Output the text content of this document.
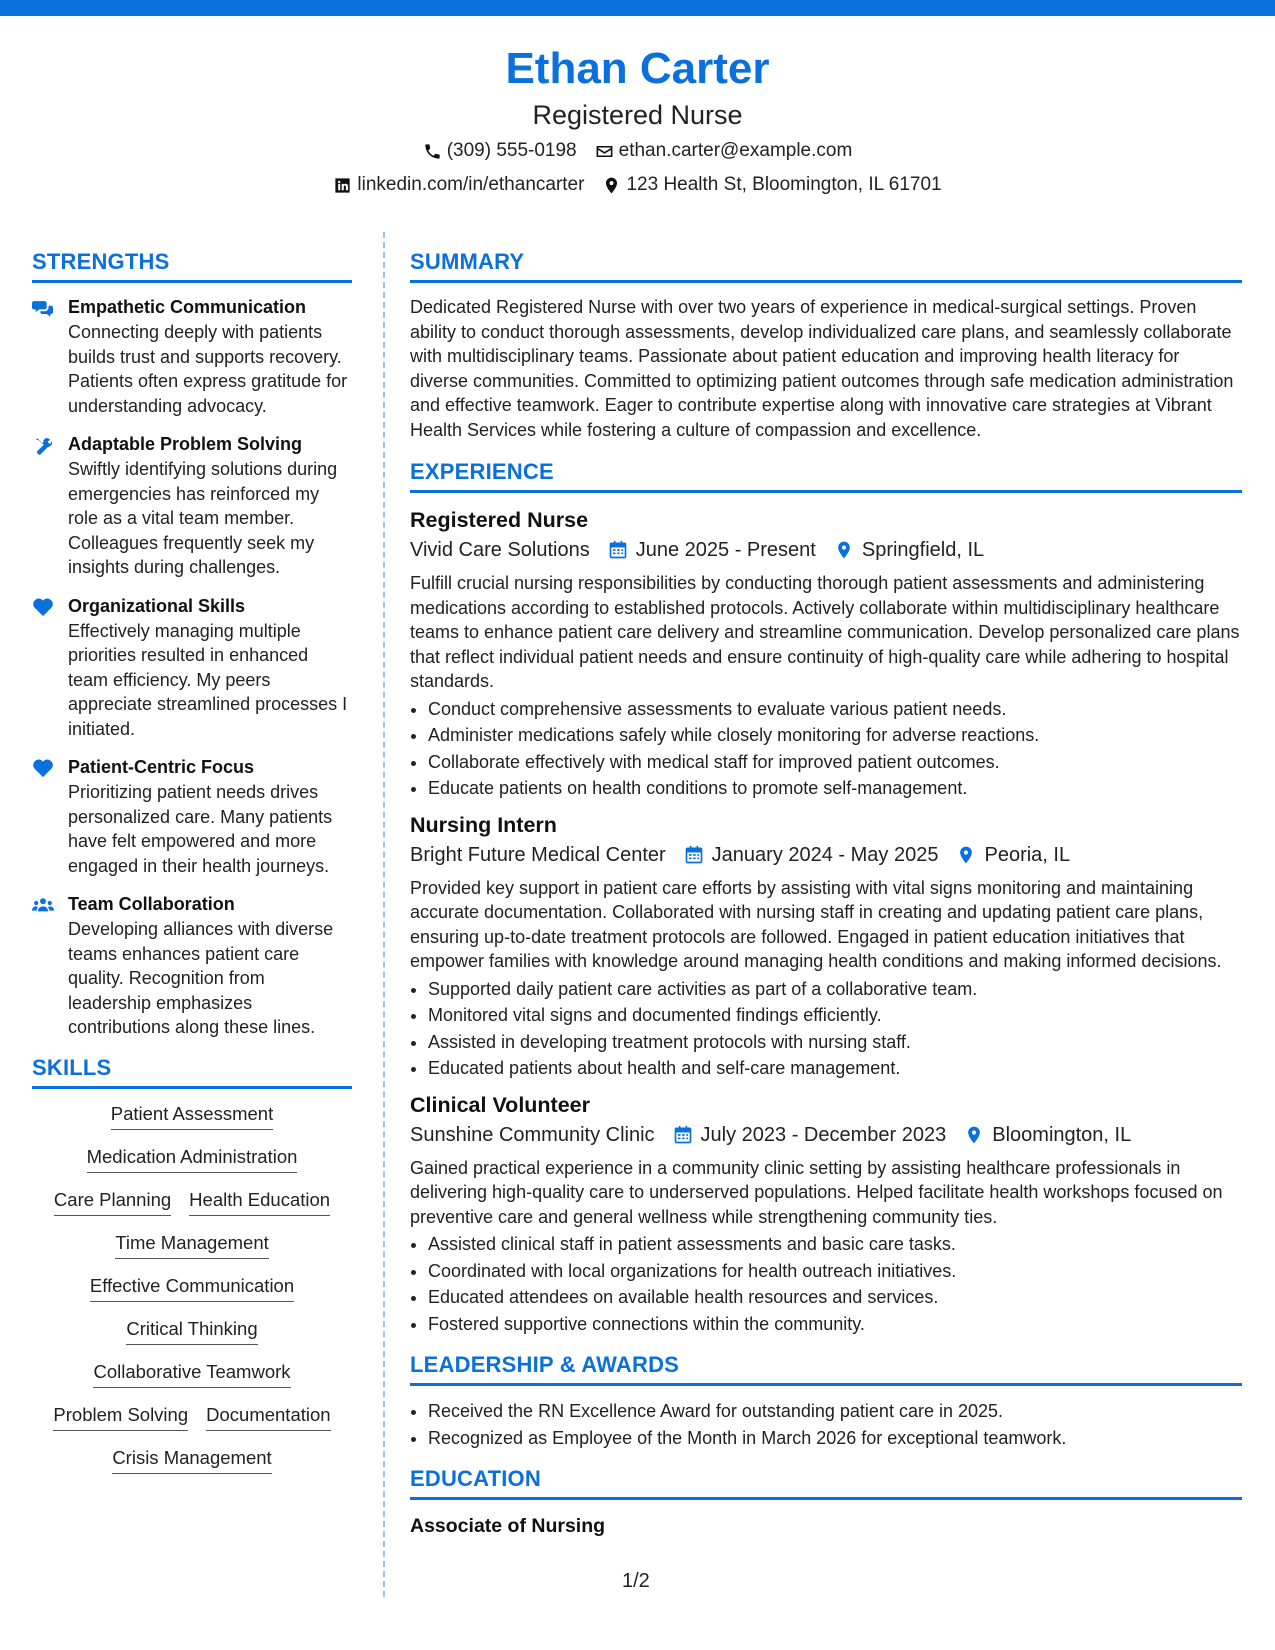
Ethan Carter
Registered Nurse
(309) 555-0198 ethan.carter@example.com
linkedin.com/in/ethancarter 123 Health St, Bloomington, IL 61701
STRENGTHS
Empathetic Communication
Connecting deeply with patients builds trust and supports recovery. Patients often express gratitude for understanding advocacy.
Adaptable Problem Solving
Swiftly identifying solutions during emergencies has reinforced my role as a vital team member. Colleagues frequently seek my insights during challenges.
Organizational Skills
Effectively managing multiple priorities resulted in enhanced team efficiency. My peers appreciate streamlined processes I initiated.
Patient-Centric Focus
Prioritizing patient needs drives personalized care. Many patients have felt empowered and more engaged in their health journeys.
Team Collaboration
Developing alliances with diverse teams enhances patient care quality. Recognition from leadership emphasizes contributions along these lines.
SKILLS
Patient Assessment
Medication Administration
Care Planning Health Education
Time Management
Effective Communication
Critical Thinking
Collaborative Teamwork
Problem Solving Documentation
Crisis Management
SUMMARY
Dedicated Registered Nurse with over two years of experience in medical-surgical settings. Proven ability to conduct thorough assessments, develop individualized care plans, and seamlessly collaborate with multidisciplinary teams. Passionate about patient education and improving health literacy for diverse communities. Committed to optimizing patient outcomes through safe medication administration and effective teamwork. Eager to contribute expertise along with innovative care strategies at Vibrant Health Services while fostering a culture of compassion and excellence.
EXPERIENCE
Registered Nurse
Vivid Care Solutions June 2025 - Present Springfield, IL
Fulfill crucial nursing responsibilities by conducting thorough patient assessments and administering medications according to established protocols. Actively collaborate within multidisciplinary healthcare teams to enhance patient care delivery and streamline communication. Develop personalized care plans that reflect individual patient needs and ensure continuity of high-quality care while adhering to hospital standards.
• Conduct comprehensive assessments to evaluate various patient needs.
• Administer medications safely while closely monitoring for adverse reactions.
• Collaborate effectively with medical staff for improved patient outcomes.
• Educate patients on health conditions to promote self-management.
Nursing Intern
Bright Future Medical Center January 2024 - May 2025 Peoria, IL
Provided key support in patient care efforts by assisting with vital signs monitoring and maintaining accurate documentation. Collaborated with nursing staff in creating and updating patient care plans, ensuring up-to-date treatment protocols are followed. Engaged in patient education initiatives that empower families with knowledge around managing health conditions and making informed decisions.
• Supported daily patient care activities as part of a collaborative team.
• Monitored vital signs and documented findings efficiently.
• Assisted in developing treatment protocols with nursing staff.
• Educated patients about health and self-care management.
Clinical Volunteer
Sunshine Community Clinic July 2023 - December 2023 Bloomington, IL
Gained practical experience in a community clinic setting by assisting healthcare professionals in delivering high-quality care to underserved populations. Helped facilitate health workshops focused on preventive care and general wellness while strengthening community ties.
• Assisted clinical staff in patient assessments and basic care tasks.
• Coordinated with local organizations for health outreach initiatives.
• Educated attendees on available health resources and services.
• Fostered supportive connections within the community.
LEADERSHIP & AWARDS
• Received the RN Excellence Award for outstanding patient care in 2025.
• Recognized as Employee of the Month in March 2026 for exceptional teamwork.
EDUCATION
Associate of Nursing
1/2
